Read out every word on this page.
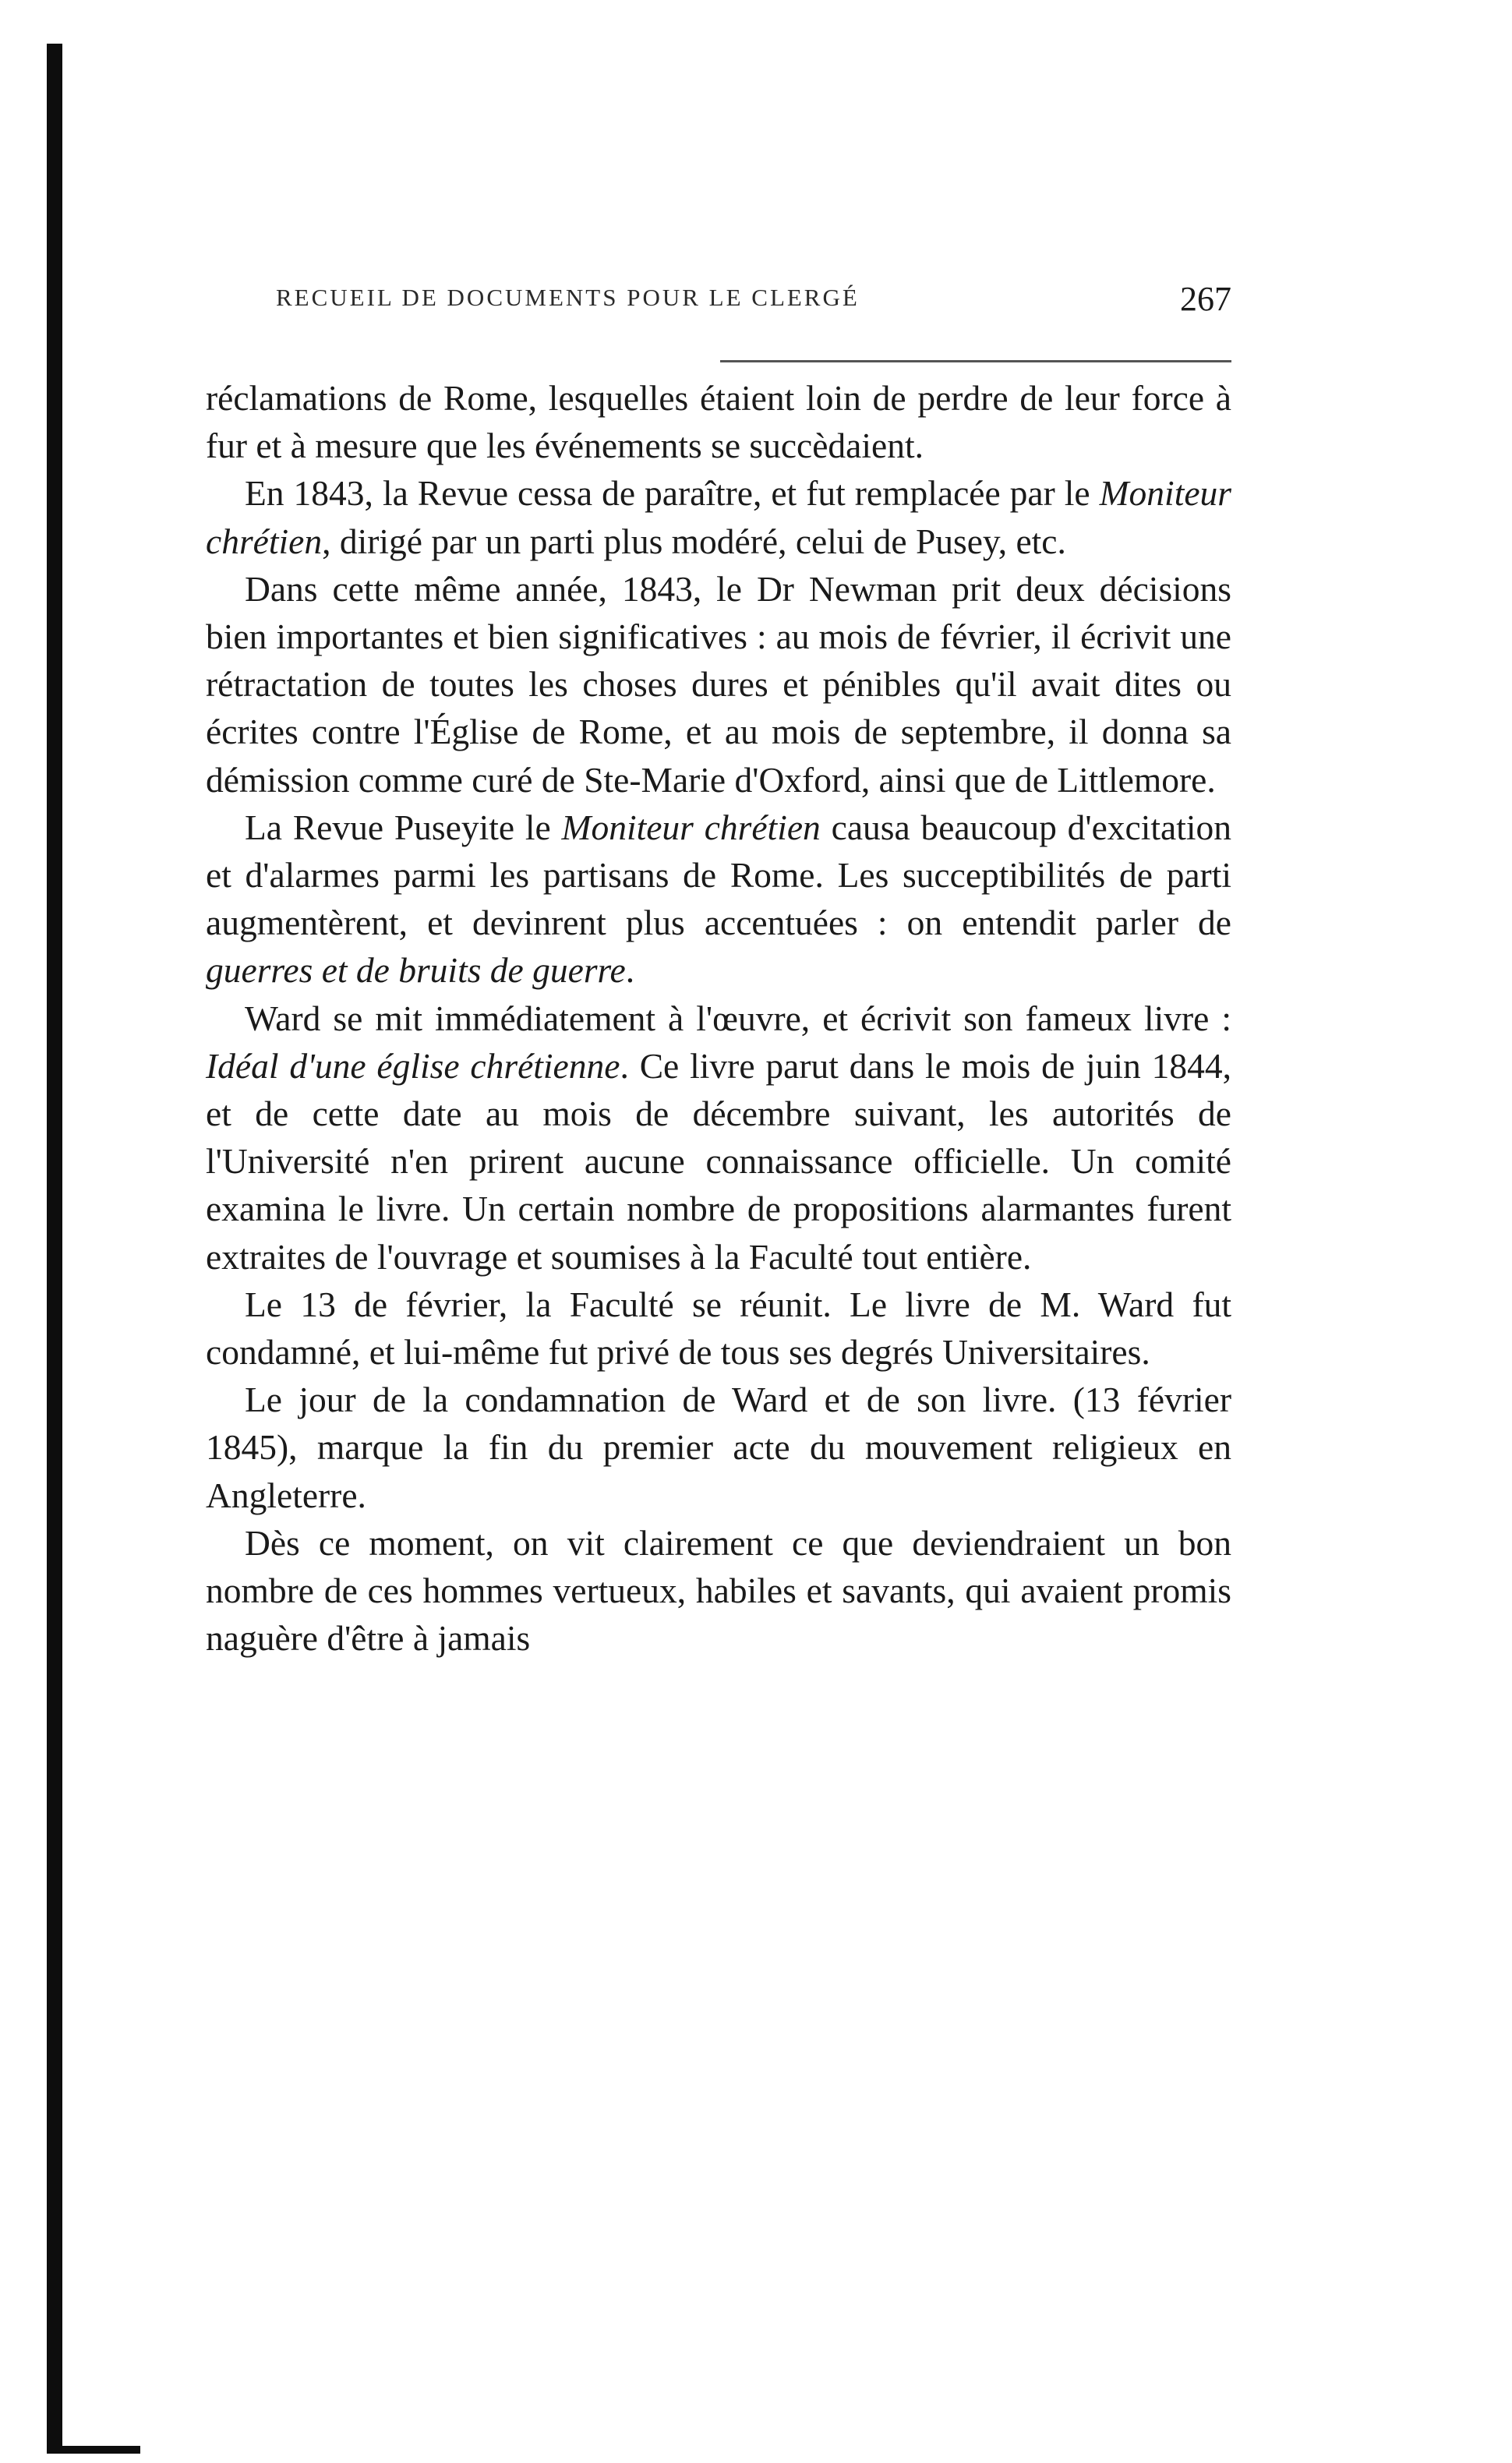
RECUEIL DE DOCUMENTS POUR LE CLERGÉ	267

réclamations de Rome, lesquelles étaient loin de perdre de leur force à fur et à mesure que les événements se succèdaient.

En 1843, la Revue cessa de paraître, et fut remplacée par le Moniteur chrétien, dirigé par un parti plus modéré, celui de Pusey, etc.

Dans cette même année, 1843, le Dr Newman prit deux décisions bien importantes et bien significatives : au mois de février, il écrivit une rétractation de toutes les choses dures et pénibles qu'il avait dites ou écrites contre l'Église de Rome, et au mois de septembre, il donna sa démission comme curé de Ste-Marie d'Oxford, ainsi que de Littlemore.

La Revue Puseyite le Moniteur chrétien causa beaucoup d'excitation et d'alarmes parmi les partisans de Rome. Les succeptibilités de parti augmentèrent, et devinrent plus accentuées : on entendit parler de guerres et de bruits de guerre.

Ward se mit immédiatement à l'œuvre, et écrivit son fameux livre : Idéal d'une église chrétienne. Ce livre parut dans le mois de juin 1844, et de cette date au mois de décembre suivant, les autorités de l'Université n'en prirent aucune connaissance officielle. Un comité examina le livre. Un certain nombre de propositions alarmantes furent extraites de l'ouvrage et soumises à la Faculté tout entière.

Le 13 de février, la Faculté se réunit. Le livre de M. Ward fut condamné, et lui-même fut privé de tous ses degrés Universitaires.

Le jour de la condamnation de Ward et de son livre. (13 février 1845), marque la fin du premier acte du mouvement religieux en Angleterre.

Dès ce moment, on vit clairement ce que deviendraient un bon nombre de ces hommes vertueux, habiles et savants, qui avaient promis naguère d'être à jamais
